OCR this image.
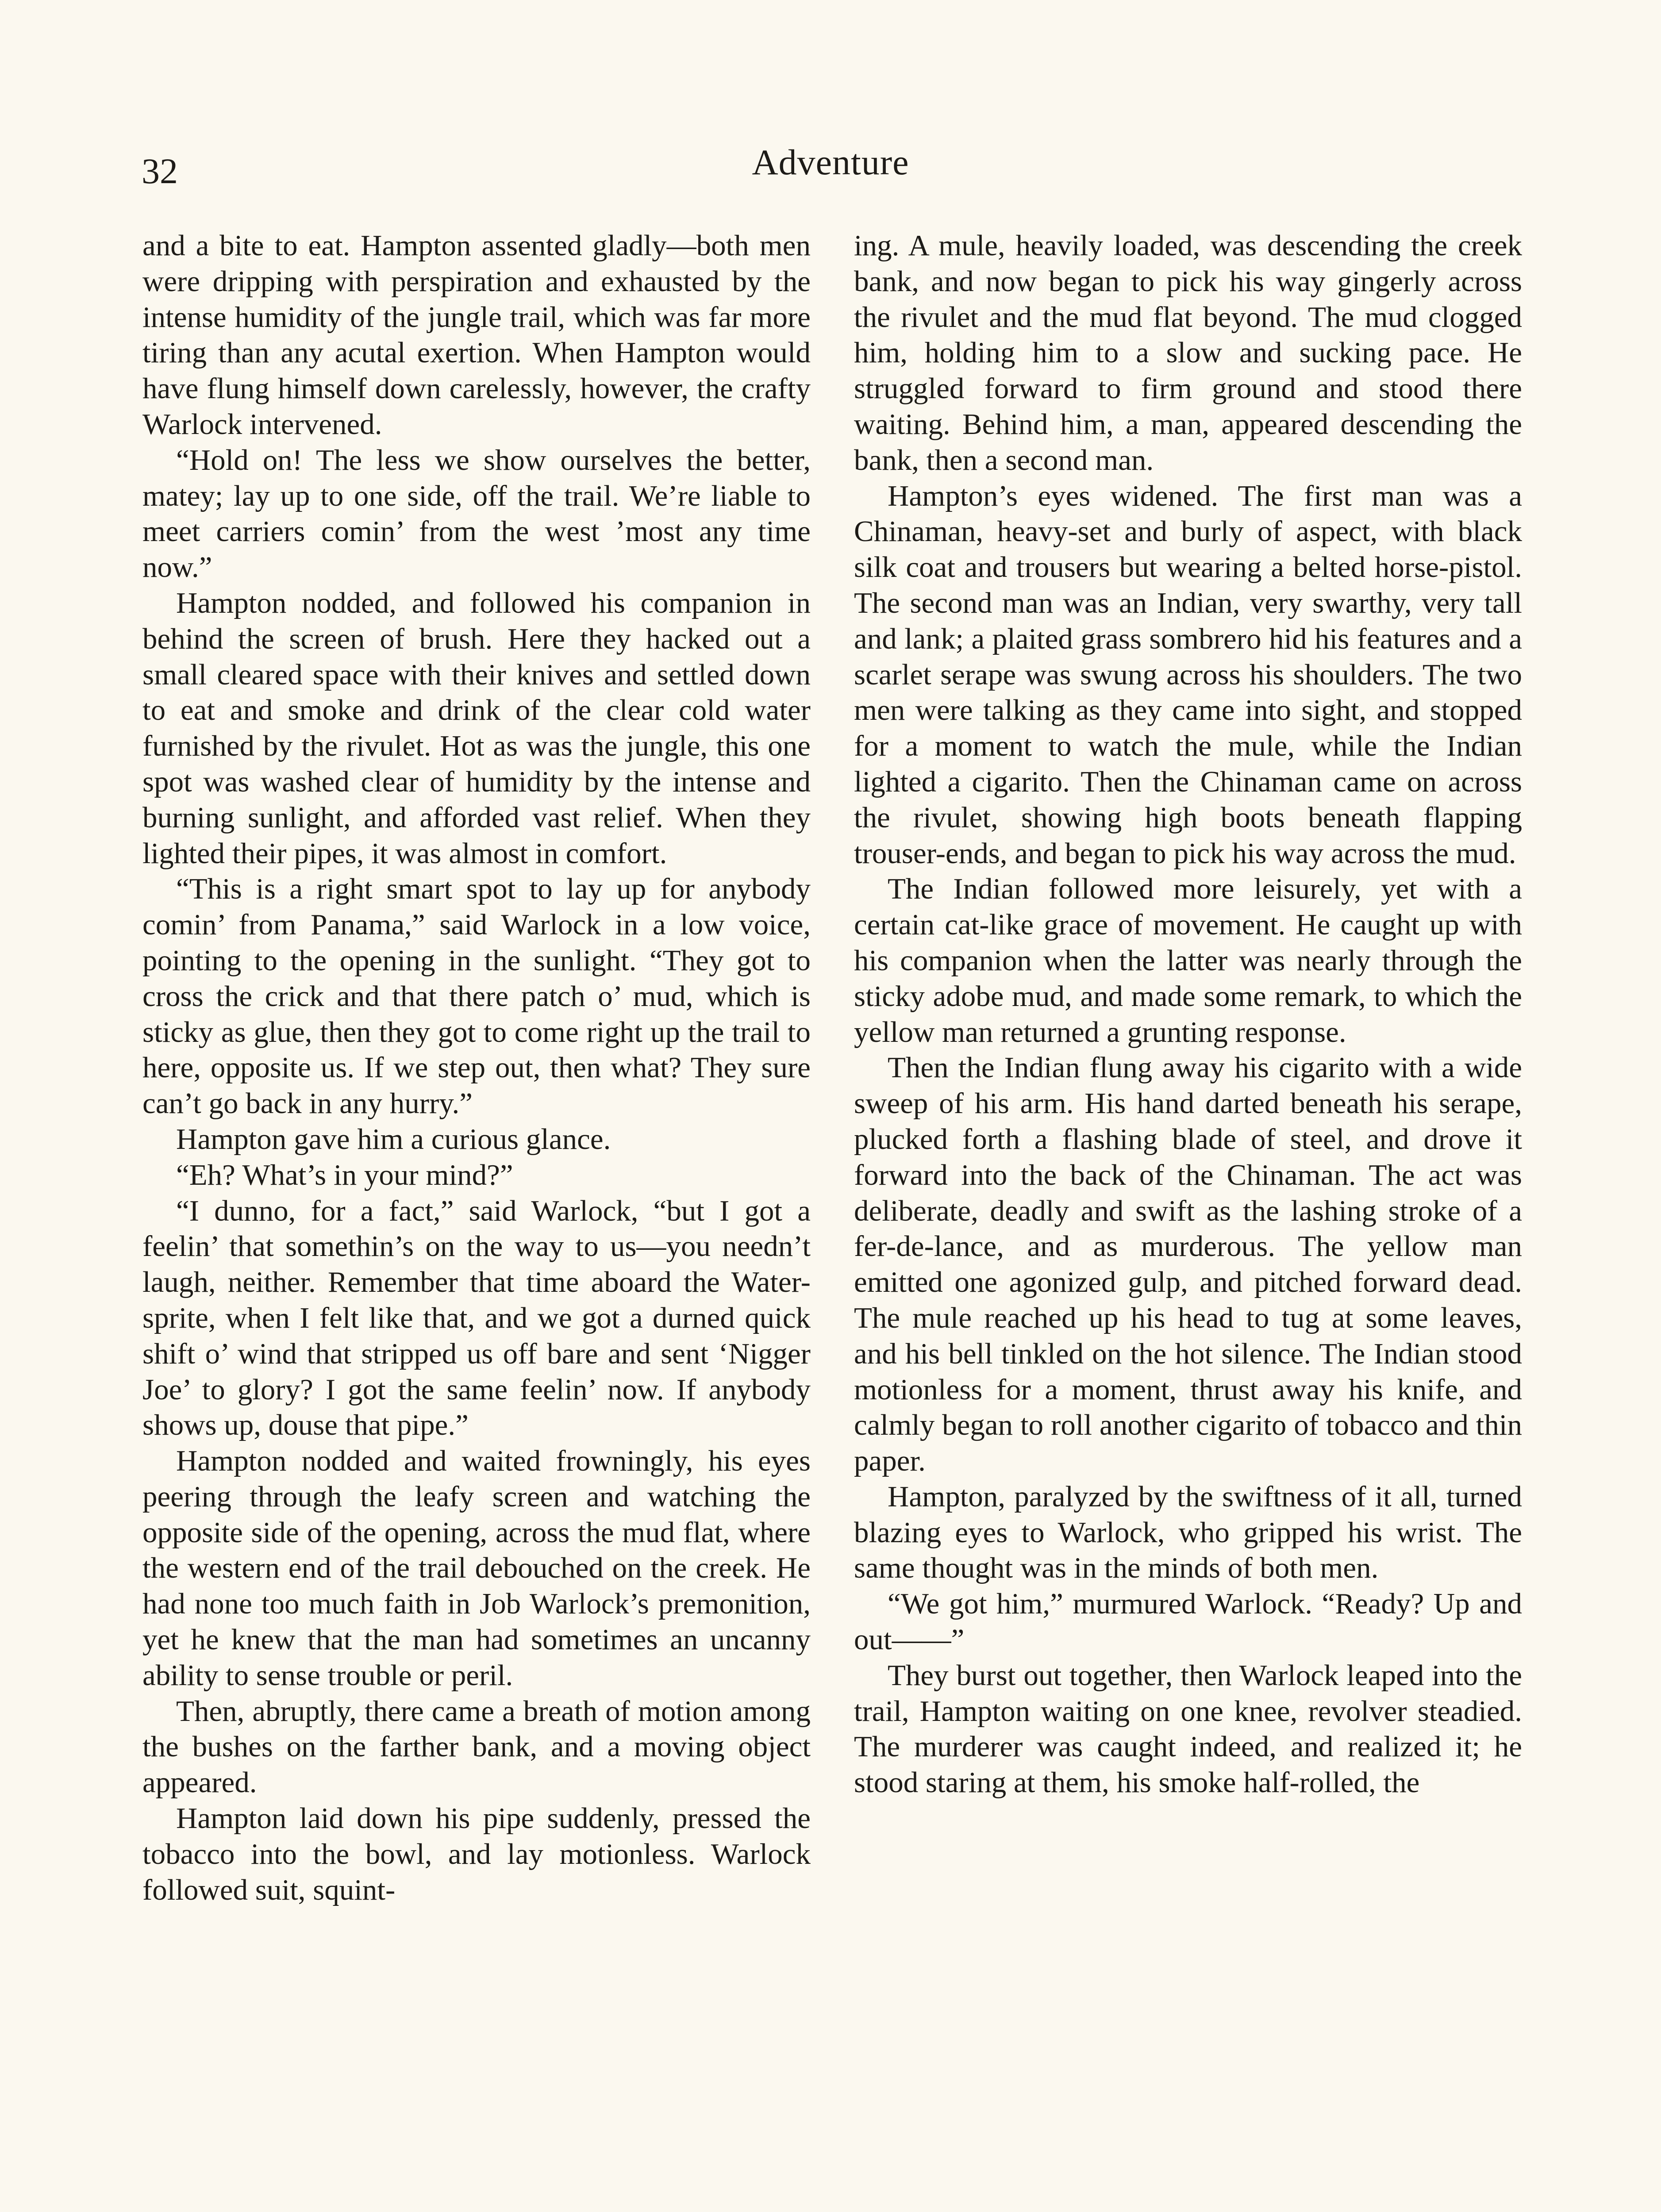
32	Adventure

and a bite to eat. Hampton assented gladly—both men were dripping with perspiration and exhausted by the intense humidity of the jungle trail, which was far more tiring than any acutal exertion. When Hampton would have flung himself down carelessly, however, the crafty Warlock intervened.

“Hold on! The less we show ourselves the better, matey; lay up to one side, off the trail. We’re liable to meet carriers comin’ from the west ’most any time now.”

Hampton nodded, and followed his companion in behind the screen of brush. Here they hacked out a small cleared space with their knives and settled down to eat and smoke and drink of the clear cold water furnished by the rivulet. Hot as was the jungle, this one spot was washed clear of humidity by the intense and burning sunlight, and afforded vast relief. When they lighted their pipes, it was almost in comfort.

“This is a right smart spot to lay up for anybody comin’ from Panama,” said Warlock in a low voice, pointing to the opening in the sunlight. “They got to cross the crick and that there patch o’ mud, which is sticky as glue, then they got to come right up the trail to here, opposite us. If we step out, then what? They sure can’t go back in any hurry.”

Hampton gave him a curious glance.

“Eh? What’s in your mind?”

“I dunno, for a fact,” said Warlock, “but I got a feelin’ that somethin’s on the way to us—you needn’t laugh, neither. Remember that time aboard the Water-sprite, when I felt like that, and we got a durned quick shift o’ wind that stripped us off bare and sent ‘Nigger Joe’ to glory? I got the same feelin’ now. If anybody shows up, douse that pipe.”

Hampton nodded and waited frowningly, his eyes peering through the leafy screen and watching the opposite side of the opening, across the mud flat, where the western end of the trail debouched on the creek. He had none too much faith in Job Warlock’s premonition, yet he knew that the man had sometimes an uncanny ability to sense trouble or peril.

Then, abruptly, there came a breath of motion among the bushes on the farther bank, and a moving object appeared.

Hampton laid down his pipe suddenly, pressed the tobacco into the bowl, and lay motionless. Warlock followed suit, squint-

ing. A mule, heavily loaded, was descending the creek bank, and now began to pick his way gingerly across the rivulet and the mud flat beyond. The mud clogged him, holding him to a slow and sucking pace. He struggled forward to firm ground and stood there waiting. Behind him, a man, appeared descending the bank, then a second man.

Hampton’s eyes widened. The first man was a Chinaman, heavy-set and burly of aspect, with black silk coat and trousers but wearing a belted horse-pistol. The second man was an Indian, very swarthy, very tall and lank; a plaited grass sombrero hid his features and a scarlet serape was swung across his shoulders. The two men were talking as they came into sight, and stopped for a moment to watch the mule, while the Indian lighted a cigarito. Then the Chinaman came on across the rivulet, showing high boots beneath flapping trouser-ends, and began to pick his way across the mud.

The Indian followed more leisurely, yet with a certain cat-like grace of movement. He caught up with his companion when the latter was nearly through the sticky adobe mud, and made some remark, to which the yellow man returned a grunting response.

Then the Indian flung away his cigarito with a wide sweep of his arm. His hand darted beneath his serape, plucked forth a flashing blade of steel, and drove it forward into the back of the Chinaman. The act was deliberate, deadly and swift as the lashing stroke of a fer-de-lance, and as murderous. The yellow man emitted one agonized gulp, and pitched forward dead. The mule reached up his head to tug at some leaves, and his bell tinkled on the hot silence. The Indian stood motionless for a moment, thrust away his knife, and calmly began to roll another cigarito of tobacco and thin paper.

Hampton, paralyzed by the swiftness of it all, turned blazing eyes to Warlock, who gripped his wrist. The same thought was in the minds of both men.

“We got him,” murmured Warlock. “Ready? Up and out——”

They burst out together, then Warlock leaped into the trail, Hampton waiting on one knee, revolver steadied. The murderer was caught indeed, and realized it; he stood staring at them, his smoke half-rolled, the
